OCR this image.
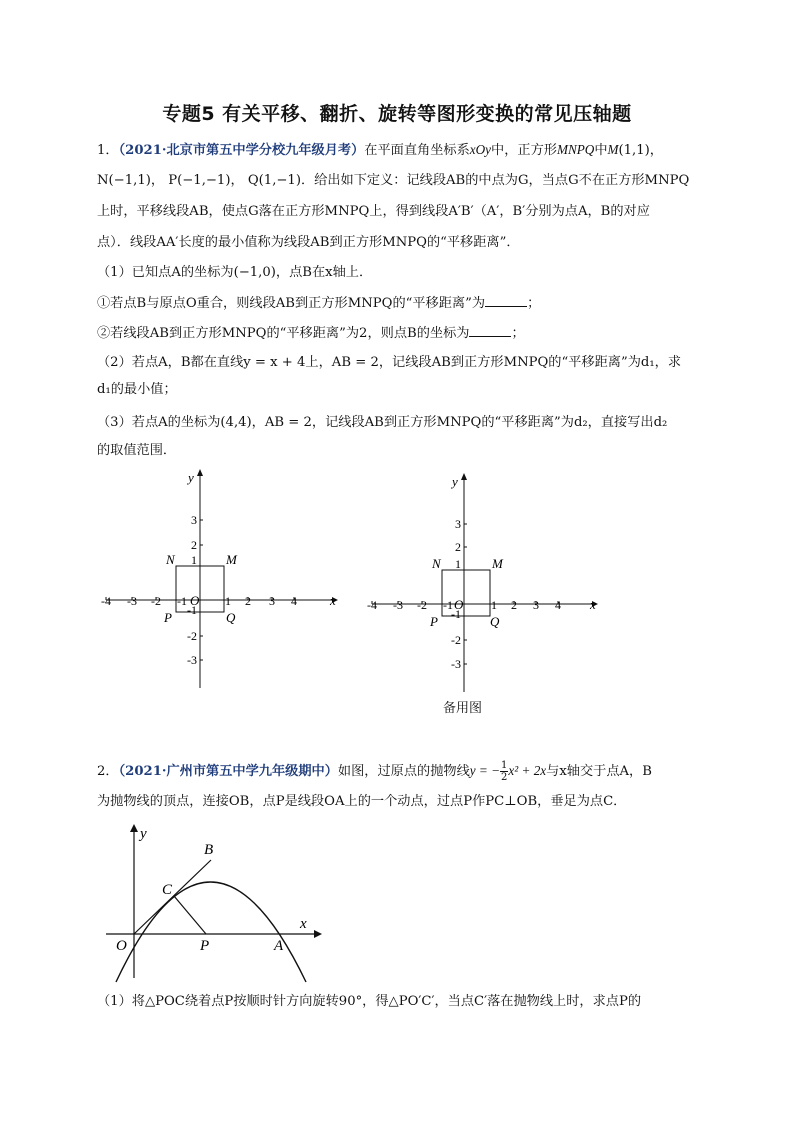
专题5 有关平移、翻折、旋转等图形变换的常见压轴题
1．（2021·北京市第五中学分校九年级月考）在平面直角坐标系xOy中，正方形MNPQ中M(1,1)，
N(−1,1)， P(−1,−1)， Q(1,−1)．给出如下定义：记线段AB的中点为G，当点G不在正方形MNPQ
上时，平移线段AB，使点G落在正方形MNPQ上，得到线段A′B′（A′，B′分别为点A，B的对应
点）．线段AA′长度的最小值称为线段AB到正方形MNPQ的“平移距离”．
（1）已知点A的坐标为(−1,0)，点B在x轴上．
①若点B与原点O重合，则线段AB到正方形MNPQ的“平移距离”为	；
②若线段AB到正方形MNPQ的“平移距离”为2，则点B的坐标为	；
（2）若点A，B都在直线y = x + 4上，AB = 2，记线段AB到正方形MNPQ的“平移距离”为d₁，求
d₁的最小值；
（3）若点A的坐标为(4,4)，AB = 2，记线段AB到正方形MNPQ的“平移距离”为d₂，直接写出d₂
的取值范围．
x
y
-4 -3 -2 -1	1 2 3 4
3
2
1
-1
-2
-3
O
M
N
P	Q
x
y
-4 -3 -2 -1	1 2 3 4
3
2
1
-1
-2
-3
O
M
N
P	Q
备用图
2．（2021·广州市第五中学九年级期中）如图，过原点的抛物线y = − $\frac{1}{2} x^2 + 2x$与x轴交于点A，B
为抛物线的顶点，连接OB，点P是线段OA上的一个动点，过点P作PC⊥OB，垂足为点C．
O	P	A
B
C
x
y
（1）将△POC绕着点P按顺时针方向旋转90°，得△PO′C′，当点C′落在抛物线上时，求点P的
